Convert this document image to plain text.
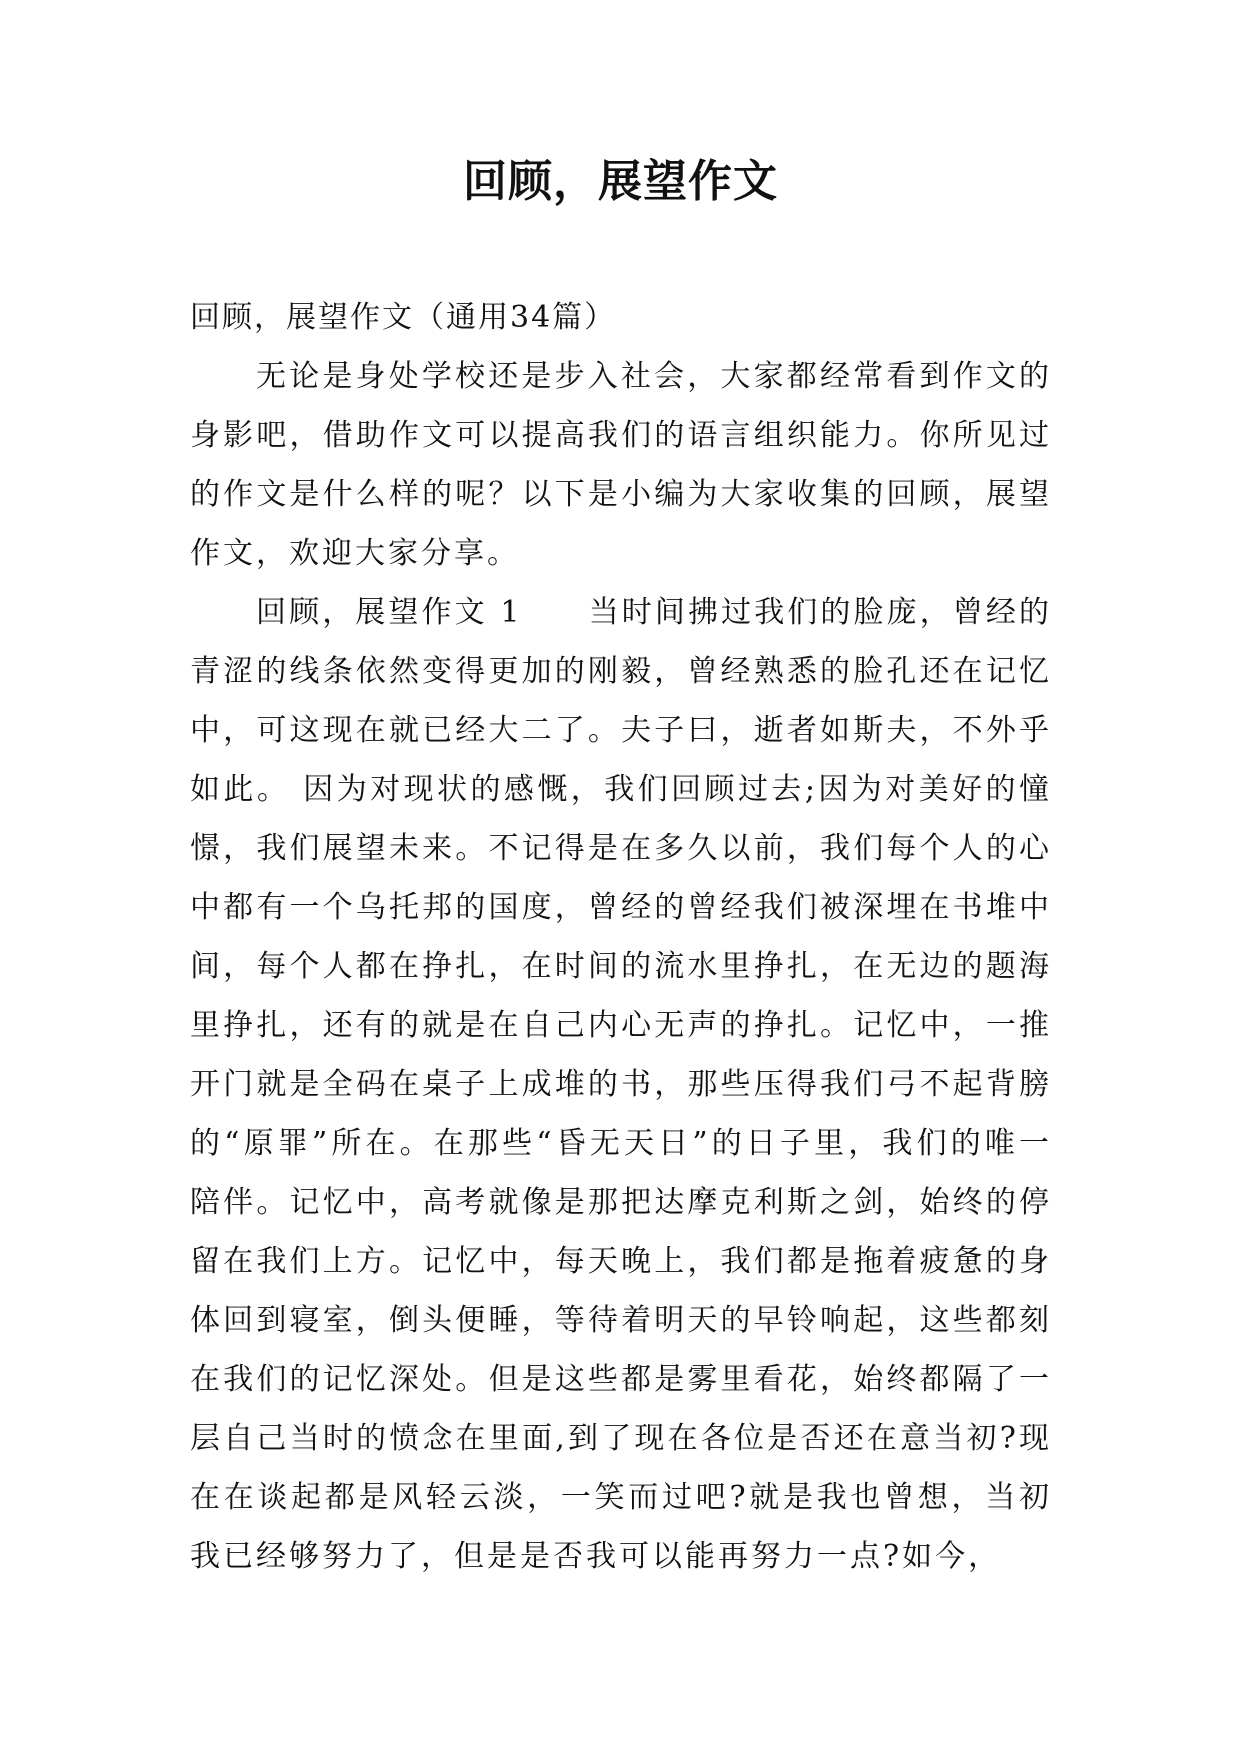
回顾，展望作文

回顾，展望作文（通用34篇）

无论是身处学校还是步入社会，大家都经常看到作文的身影吧，借助作文可以提高我们的语言组织能力。你所见过的作文是什么样的呢？以下是小编为大家收集的回顾，展望作文，欢迎大家分享。

回顾，展望作文 1　　当时间拂过我们的脸庞，曾经的青涩的线条依然变得更加的刚毅，曾经熟悉的脸孔还在记忆中，可这现在就已经大二了。夫子曰，逝者如斯夫，不外乎如此。 因为对现状的感慨，我们回顾过去;因为对美好的憧憬，我们展望未来。不记得是在多久以前，我们每个人的心中都有一个乌托邦的国度，曾经的曾经我们被深埋在书堆中间，每个人都在挣扎，在时间的流水里挣扎，在无边的题海里挣扎，还有的就是在自己内心无声的挣扎。记忆中，一推开门就是全码在桌子上成堆的书，那些压得我们弓不起背膀的“原罪”所在。在那些“昏无天日”的日子里，我们的唯一陪伴。记忆中，高考就像是那把达摩克利斯之剑，始终的停留在我们上方。记忆中，每天晚上，我们都是拖着疲惫的身体回到寝室，倒头便睡，等待着明天的早铃响起，这些都刻在我们的记忆深处。但是这些都是雾里看花，始终都隔了一层自己当时的愤念在里面,到了现在各位是否还在意当初?现在在谈起都是风轻云淡，一笑而过吧?就是我也曾想，当初我已经够努力了，但是是否我可以能再努力一点?如今，
